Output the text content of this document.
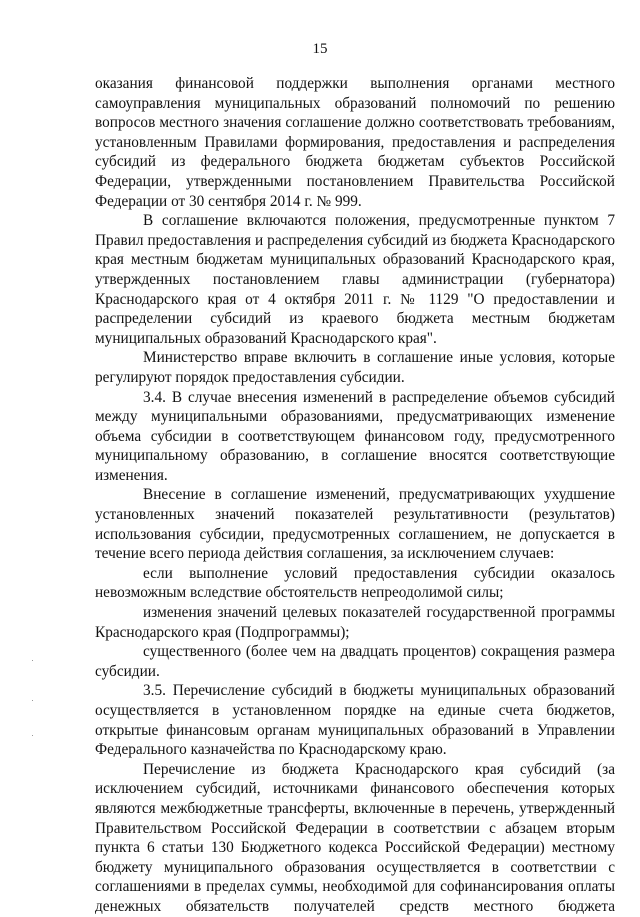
15

оказания финансовой поддержки выполнения органами местного самоуправления муниципальных образований полномочий по решению вопросов местного значения соглашение должно соответствовать требованиям, установленным Правилами формирования, предоставления и распределения субсидий из федерального бюджета бюджетам субъектов Российской Федерации, утвержденными постановлением Правительства Российской Федерации от 30 сентября 2014 г. № 999.

В соглашение включаются положения, предусмотренные пунктом 7 Правил предоставления и распределения субсидий из бюджета Краснодарского края местным бюджетам муниципальных образований Краснодарского края, утвержденных постановлением главы администрации (губернатора) Краснодарского края от 4 октября 2011 г. № 1129 "О предоставлении и распределении субсидий из краевого бюджета местным бюджетам муниципальных образований Краснодарского края".

Министерство вправе включить в соглашение иные условия, которые регулируют порядок предоставления субсидии.

3.4. В случае внесения изменений в распределение объемов субсидий между муниципальными образованиями, предусматривающих изменение объема субсидии в соответствующем финансовом году, предусмотренного муниципальному образованию, в соглашение вносятся соответствующие изменения.

Внесение в соглашение изменений, предусматривающих ухудшение установленных значений показателей результативности (результатов) использования субсидии, предусмотренных соглашением, не допускается в течение всего периода действия соглашения, за исключением случаев:

если выполнение условий предоставления субсидии оказалось невозможным вследствие обстоятельств непреодолимой силы;

изменения значений целевых показателей государственной программы Краснодарского края (Подпрограммы);

существенного (более чем на двадцать процентов) сокращения размера субсидии.

3.5. Перечисление субсидий в бюджеты муниципальных образований осуществляется в установленном порядке на единые счета бюджетов, открытые финансовым органам муниципальных образований в Управлении Федерального казначейства по Краснодарскому краю.

Перечисление из бюджета Краснодарского края субсидий (за исключением субсидий, источниками финансового обеспечения которых являются межбюджетные трансферты, включенные в перечень, утвержденный Правительством Российской Федерации в соответствии с абзацем вторым пункта 6 статьи 130 Бюджетного кодекса Российской Федерации) местному бюджету муниципального образования осуществляется в соответствии с соглашениями в пределах суммы, необходимой для софинансирования оплаты денежных обязательств получателей средств местного бюджета
